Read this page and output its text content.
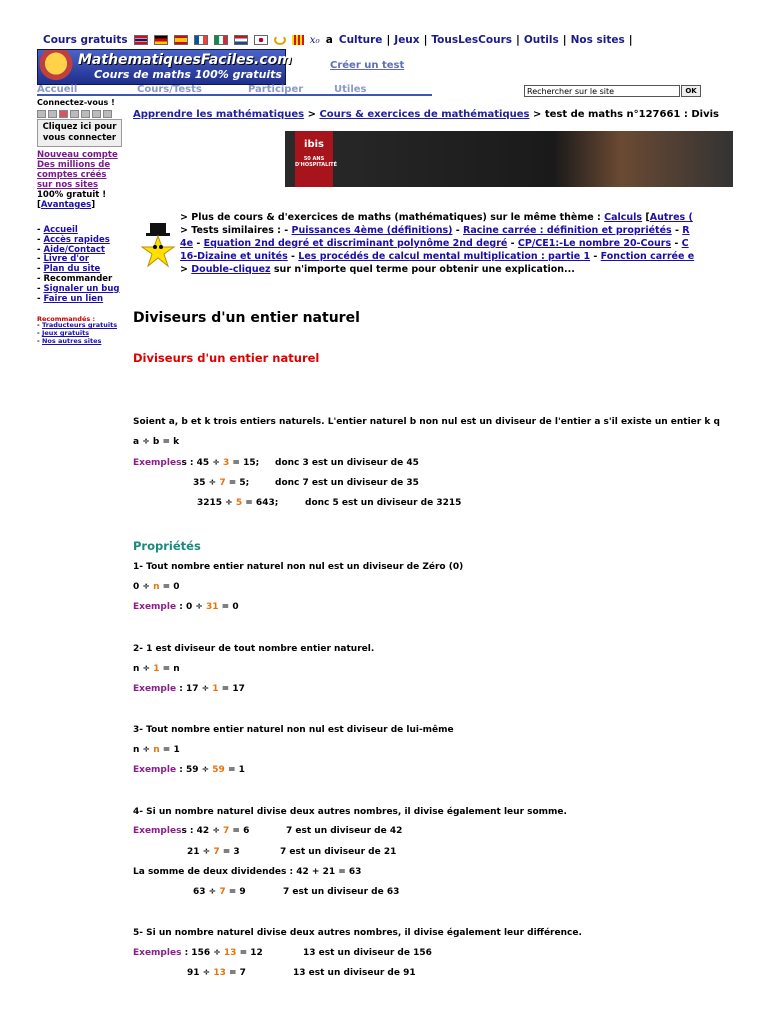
Cours gratuits	x₀ a Culture | Jeux | TousLesCours | Outils | Nos sites |
MathematiquesFaciles.com
Cours de maths 100% gratuits
Créer un test
Accueil	Cours/Tests	Participer	Utiles
Rechercher sur le site	OK
Connectez-vous !
Cliquez ici pour vous connecter
Nouveau compte
Des millions de
comptes créés
sur nos sites
100% gratuit !
[Avantages]
- Accueil
- Accès rapides
- Aide/Contact
- Livre d'or
- Plan du site
- Recommander
- Signaler un bug
- Faire un lien
Recommandés :
- Traducteurs gratuits
- Jeux gratuits
- Nos autres sites
Apprendre les mathématiques > Cours & exercices de mathématiques > test de maths n°127661 : Divis
ibis
50 ANS D'HOSPITALITÉ
> Plus de cours & d'exercices de maths (mathématiques) sur le même thème : Calculs [Autres (
> Tests similaires : - Puissances 4ème (définitions) - Racine carrée : définition et propriétés - R
4e - Equation 2nd degré et discriminant polynôme 2nd degré - CP/CE1:-Le nombre 20-Cours - C
16-Dizaine et unités - Les procédés de calcul mental multiplication : partie 1 - Fonction carrée e
> Double-cliquez sur n'importe quel terme pour obtenir une explication...
Diviseurs d'un entier naturel
Diviseurs d'un entier naturel
Soient a, b et k trois entiers naturels. L'entier naturel b non nul est un diviseur de l'entier a s'il existe un entier k q
a ÷ b = k
Exempless : 45 ÷ 3 = 15; donc 3 est un diviseur de 45
35 ÷ 7 = 5;	donc 7 est un diviseur de 35
3215 ÷ 5 = 643;	donc 5 est un diviseur de 3215
Propriétés
1- Tout nombre entier naturel non nul est un diviseur de Zéro (0)
0 ÷ n = 0
Exemple : 0 ÷ 31 = 0
2- 1 est diviseur de tout nombre entier naturel.
n ÷ 1 = n
Exemple : 17 ÷ 1 = 17
3- Tout nombre entier naturel non nul est diviseur de lui-même
n ÷ n = 1
Exemple : 59 ÷ 59 = 1
4- Si un nombre naturel divise deux autres nombres, il divise également leur somme.
Exempless : 42 ÷ 7 = 6	7 est un diviseur de 42
21 ÷ 7 = 3	7 est un diviseur de 21
La somme de deux dividendes : 42 + 21 = 63
63 ÷ 7 = 9	7 est un diviseur de 63
5- Si un nombre naturel divise deux autres nombres, il divise également leur différence.
Exemples : 156 ÷ 13 = 12	13 est un diviseur de 156
91 ÷ 13 = 7	13 est un diviseur de 91
